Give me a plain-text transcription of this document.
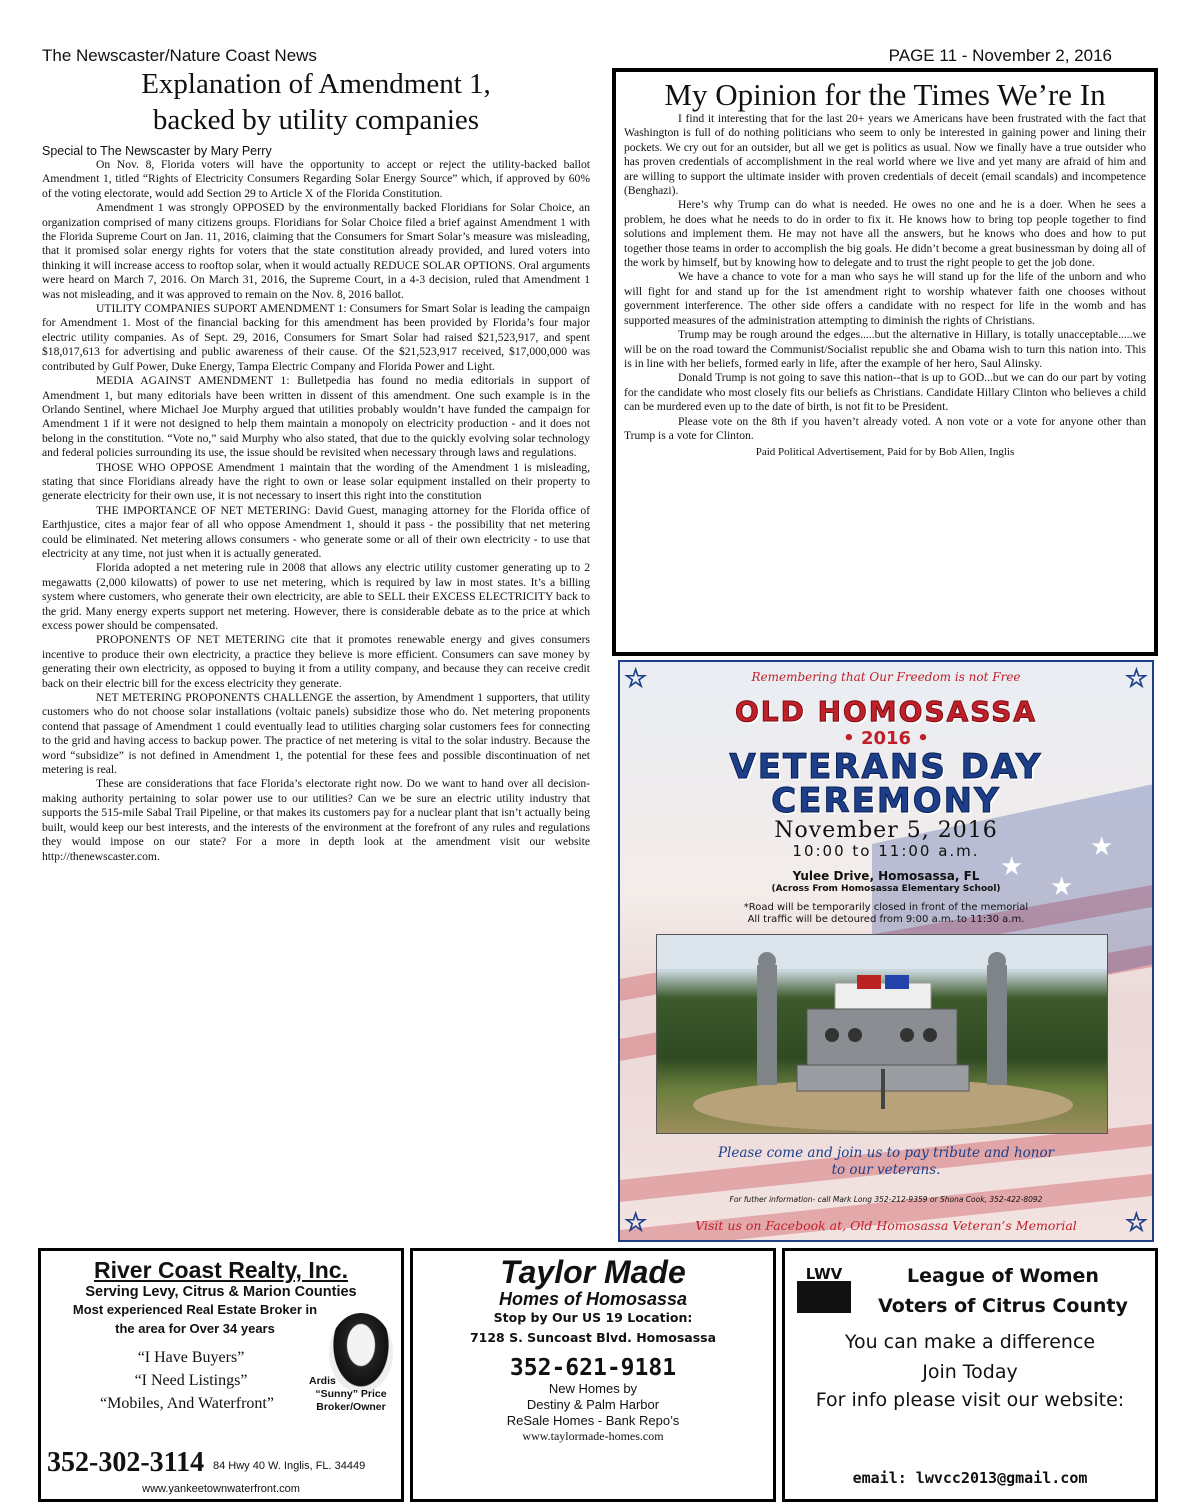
The Newscaster/Nature Coast News	PAGE 11 - November 2, 2016
Explanation of Amendment 1,
backed by utility companies
Special to The Newscaster by Mary Perry

On Nov. 8, Florida voters will have the opportunity to accept or reject the utility-backed ballot Amendment 1, titled “Rights of Electricity Consumers Regarding Solar Energy Source” which, if approved by 60% of the voting electorate, would add Section 29 to Article X of the Florida Constitution.

Amendment 1 was strongly OPPOSED by the environmentally backed Floridians for Solar Choice, an organization comprised of many citizens groups. Floridians for Solar Choice filed a brief against Amendment 1 with the Florida Supreme Court on Jan. 11, 2016, claiming that the Consumers for Smart Solar’s measure was misleading, that it promised solar energy rights for voters that the state constitution already provided, and lured voters into thinking it will increase access to rooftop solar, when it would actually REDUCE SOLAR OPTIONS. Oral arguments were heard on March 7, 2016. On March 31, 2016, the Supreme Court, in a 4-3 decision, ruled that Amendment 1 was not misleading, and it was approved to remain on the Nov. 8, 2016 ballot.

UTILITY COMPANIES SUPORT AMENDMENT 1: Consumers for Smart Solar is leading the campaign for Amendment 1. Most of the financial backing for this amendment has been provided by Florida’s four major electric utility companies. As of Sept. 29, 2016, Consumers for Smart Solar had raised $21,523,917, and spent $18,017,613 for advertising and public awareness of their cause. Of the $21,523,917 received, $17,000,000 was contributed by Gulf Power, Duke Energy, Tampa Electric Company and Florida Power and Light.

MEDIA AGAINST AMENDMENT 1: Bulletpedia has found no media editorials in support of Amendment 1, but many editorials have been written in dissent of this amendment. One such example is in the Orlando Sentinel, where Michael Joe Murphy argued that utilities probably wouldn’t have funded the campaign for Amendment 1 if it were not designed to help them maintain a monopoly on electricity production - and it does not belong in the constitution. “Vote no,” said Murphy who also stated, that due to the quickly evolving solar technology and federal policies surrounding its use, the issue should be revisited when necessary through laws and regulations.

THOSE WHO OPPOSE Amendment 1 maintain that the wording of the Amendment 1 is misleading, stating that since Floridians already have the right to own or lease solar equipment installed on their property to generate electricity for their own use, it is not necessary to insert this right into the constitution

THE IMPORTANCE OF NET METERING: David Guest, managing attorney for the Florida office of Earthjustice, cites a major fear of all who oppose Amendment 1, should it pass - the possibility that net metering could be eliminated. Net metering allows consumers - who generate some or all of their own electricity - to use that electricity at any time, not just when it is actually generated.

Florida adopted a net metering rule in 2008 that allows any electric utility customer generating up to 2 megawatts (2,000 kilowatts) of power to use net metering, which is required by law in most states. It’s a billing system where customers, who generate their own electricity, are able to SELL their EXCESS ELECTRICITY back to the grid. Many energy experts support net metering. However, there is considerable debate as to the price at which excess power should be compensated.

PROPONENTS OF NET METERING cite that it promotes renewable energy and gives consumers incentive to produce their own electricity, a practice they believe is more efficient. Consumers can save money by generating their own electricity, as opposed to buying it from a utility company, and because they can receive credit back on their electric bill for the excess electricity they generate.

NET METERING PROPONENTS CHALLENGE the assertion, by Amendment 1 supporters, that utility customers who do not choose solar installations (voltaic panels) subsidize those who do. Net metering proponents contend that passage of Amendment 1 could eventually lead to utilities charging solar customers fees for connecting to the grid and having access to backup power. The practice of net metering is vital to the solar industry. Because the word “subsidize” is not defined in Amendment 1, the potential for these fees and possible discontinuation of net metering is real.

These are considerations that face Florida’s electorate right now. Do we want to hand over all decision-making authority pertaining to solar power use to our utilities? Can we be sure an electric utility industry that supports the 515-mile Sabal Trail Pipeline, or that makes its customers pay for a nuclear plant that isn’t actually being built, would keep our best interests, and the interests of the environment at the forefront of any rules and regulations they would impose on our state? For a more in depth look at the amendment visit our website http://thenewscaster.com.

My Opinion for the Times We’re In

I find it interesting that for the last 20+ years we Americans have been frustrated with the fact that Washington is full of do nothing politicians who seem to only be interested in gaining power and lining their pockets. We cry out for an outsider, but all we get is politics as usual. Now we finally have a true outsider who has proven credentials of accomplishment in the real world where we live and yet many are afraid of him and are willing to support the ultimate insider with proven credentials of deceit (email scandals) and incompetence (Benghazi).

Here’s why Trump can do what is needed. He owes no one and he is a doer. When he sees a problem, he does what he needs to do in order to fix it. He knows how to bring top people together to find solutions and implement them. He may not have all the answers, but he knows who does and how to put together those teams in order to accomplish the big goals. He didn’t become a great businessman by doing all of the work by himself, but by knowing how to delegate and to trust the right people to get the job done.

We have a chance to vote for a man who says he will stand up for the life of the unborn and who will fight for and stand up for the 1st amendment right to worship whatever faith one chooses without government interference. The other side offers a candidate with no respect for life in the womb and has supported measures of the administration attempting to diminish the rights of Christians.

Trump may be rough around the edges.....but the alternative in Hillary, is totally unacceptable.....we will be on the road toward the Communist/Socialist republic she and Obama wish to turn this nation into. This is in line with her beliefs, formed early in life, after the example of her hero, Saul Alinsky.

Donald Trump is not going to save this nation--that is up to GOD...but we can do our part by voting for the candidate who most closely fits our beliefs as Christians. Candidate Hillary Clinton who believes a child can be murdered even up to the date of birth, is not fit to be President.

Please vote on the 8th if you haven’t already voted. A non vote or a vote for anyone other than Trump is a vote for Clinton.

Paid Political Advertisement, Paid for by Bob Allen, Inglis

★
★
★
☆	☆
☆	☆
Remembering that Our Freedom is not Free
OLD HOMOSASSA
• 2016 •
VETERANS DAY
CEREMONY
November 5, 2016
10:00 to 11:00 a.m.
Yulee Drive, Homosassa, FL
(Across From Homosassa Elementary School)
*Road will be temporarily closed in front of the memorial
All traffic will be detoured from 9:00 a.m. to 11:30 a.m.
Please come and join us to pay tribute and honor
to our veterans.
For futher information- call Mark Long 352-212-9359 or Shona Cook, 352-422-8092
Visit us on Facebook at, Old Homosassa Veteran’s Memorial
River Coast Realty, Inc.
Serving Levy, Citrus & Marion Counties
Most experienced Real Estate Broker in
the area for Over 34 years
“I Have Buyers”
“I Need Listings”
“Mobiles, And Waterfront”
Ardis
“Sunny” Price
Broker/Owner
352-302-3114 84 Hwy 40 W. Inglis, FL. 34449
www.yankeetownwaterfront.com
Taylor Made
Homes of Homosassa
Stop by Our US 19 Location:
7128 S. Suncoast Blvd. Homosassa
352-621-9181
New Homes by
Destiny & Palm Harbor
ReSale Homes - Bank Repo’s
www.taylormade-homes.com
LWV	League of Women
Voters of Citrus County
You can make a difference
Join Today
For info please visit our website:
email: lwvcc2013@gmail.com
